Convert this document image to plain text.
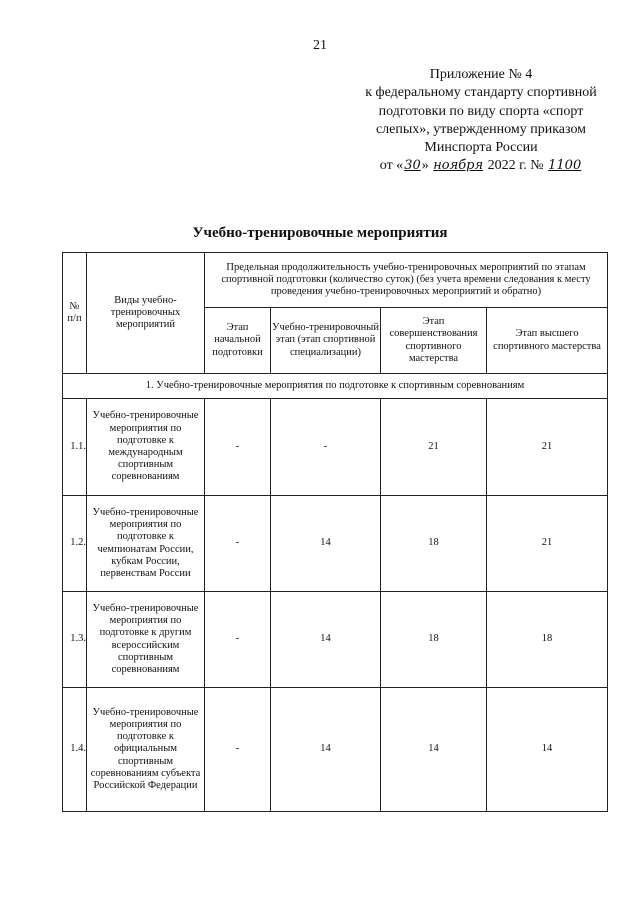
21
Приложение № 4
к федеральному стандарту спортивной
подготовки по виду спорта «спорт
слепых», утвержденному приказом
Минспорта России
от «30» ноября 2022 г. № 1100
Учебно-тренировочные мероприятия
№ п/п	Виды учебно-тренировочных мероприятий	Предельная продолжительность учебно-тренировочных мероприятий по этапам спортивной подготовки (количество суток) (без учета времени следования к месту проведения учебно-тренировочных мероприятий и обратно)			
		Этап начальной подготовки	Учебно-тренировочный этап (этап спортивной специализации)	Этап совершенствования спортивного мастерства	Этап высшего спортивного мастерства
1. Учебно-тренировочные мероприятия по подготовке к спортивным соревнованиям					
1.1.	Учебно-тренировочные мероприятия по подготовке к международным спортивным соревнованиям	-	-	21	21
1.2.	Учебно-тренировочные мероприятия по подготовке к чемпионатам России, кубкам России, первенствам России	-	14	18	21
1.3.	Учебно-тренировочные мероприятия по подготовке к другим всероссийским спортивным соревнованиям	-	14	18	18
1.4.	Учебно-тренировочные мероприятия по подготовке к официальным спортивным соревнованиям субъекта Российской Федерации	-	14	14	14
